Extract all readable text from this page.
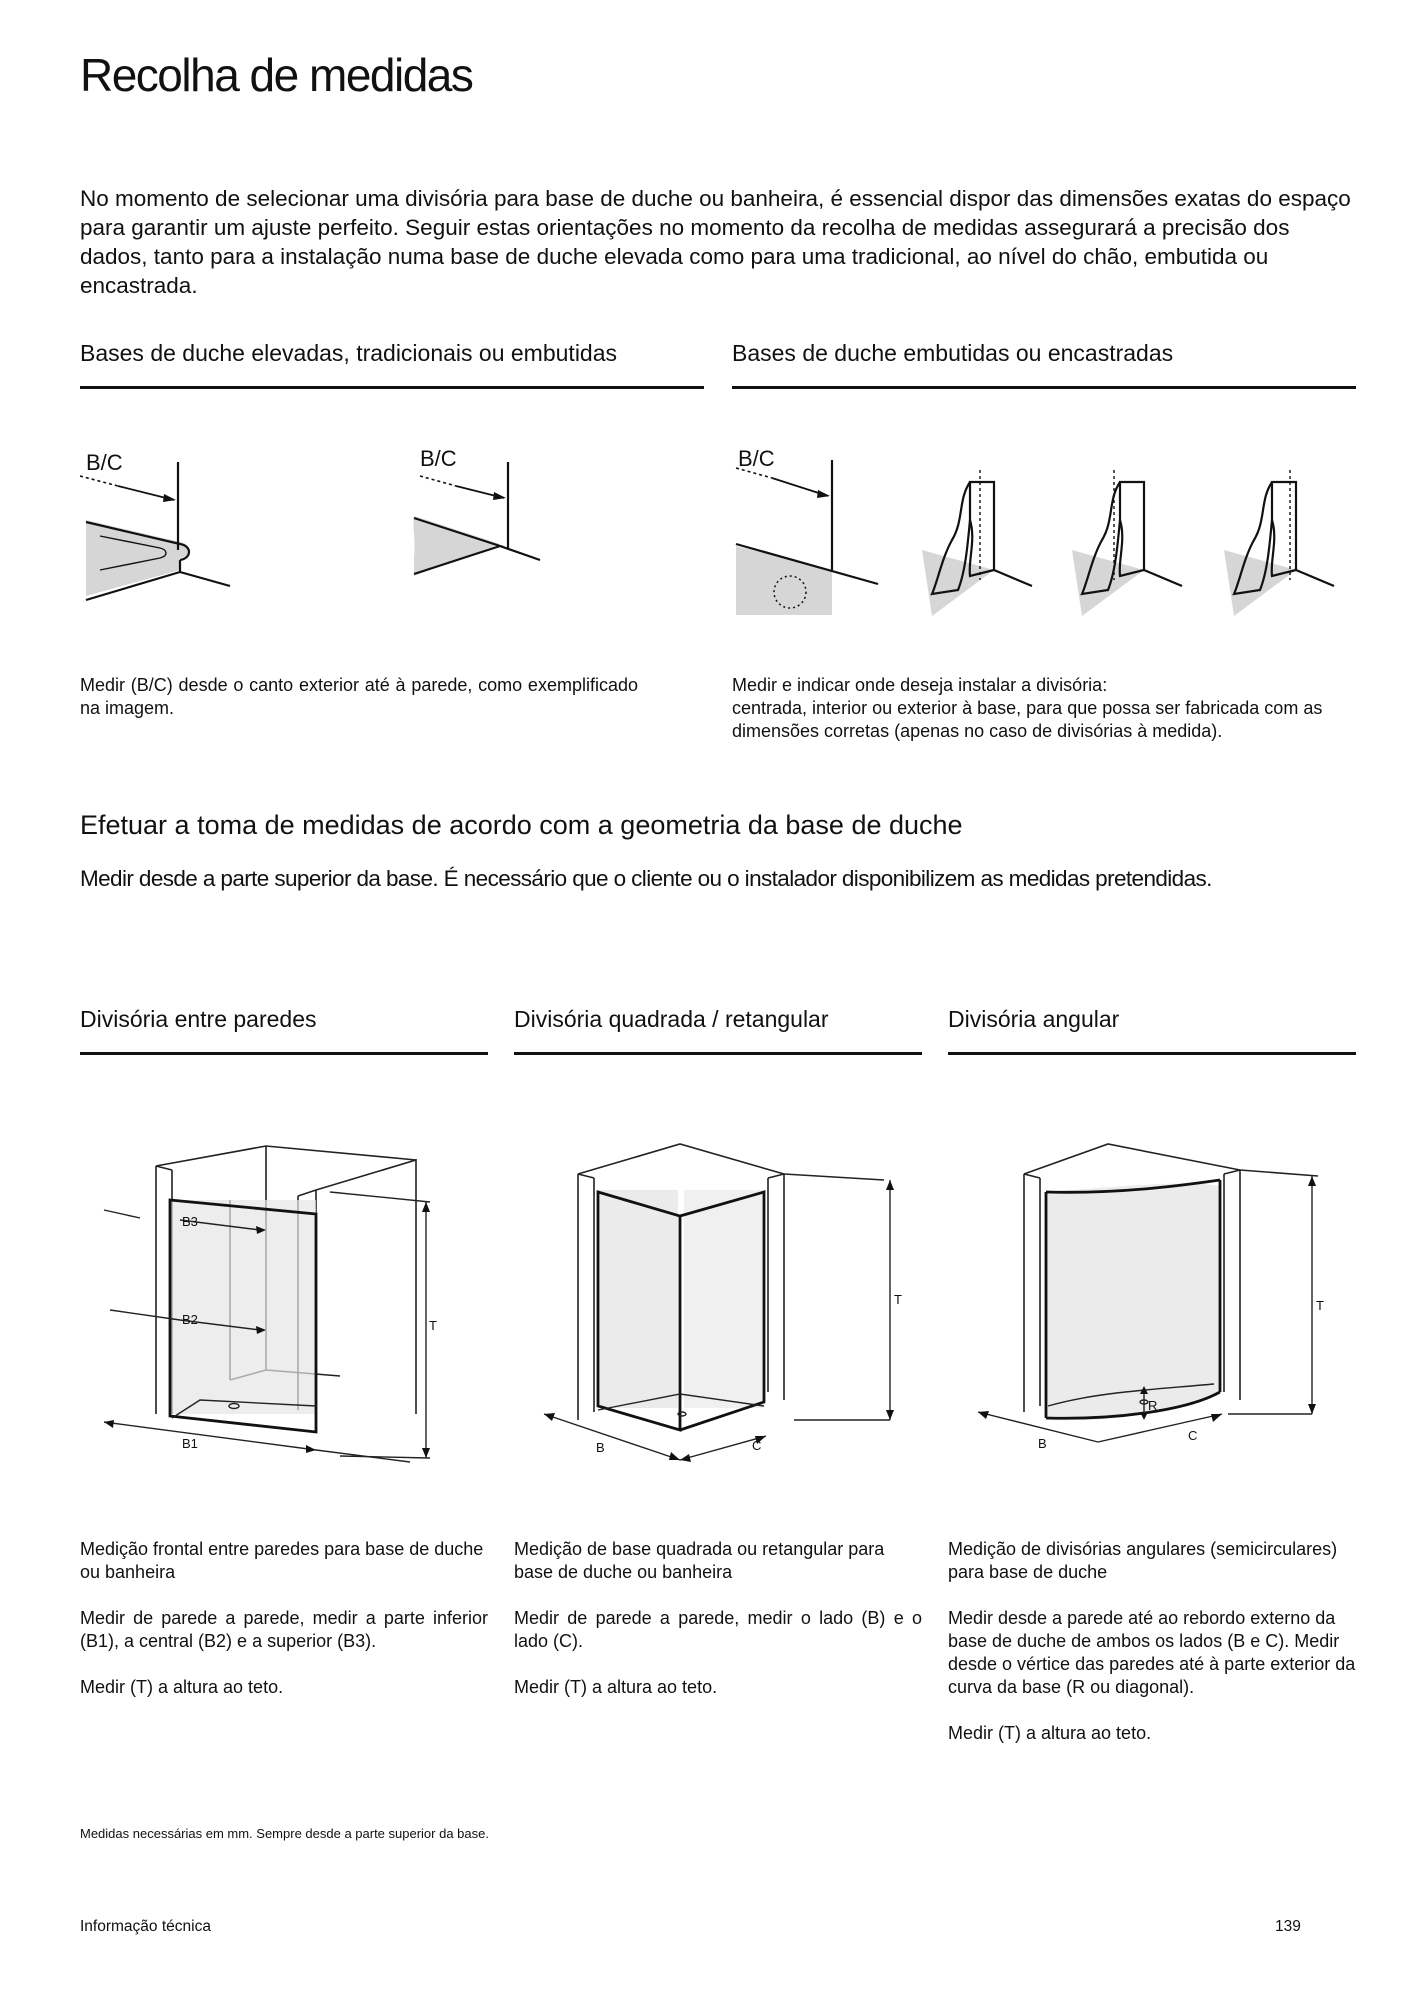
Recolha de medidas
No momento de selecionar uma divisória para base de duche ou banheira, é essencial dispor das dimensões exatas do espaço para garantir um ajuste perfeito. Seguir estas orientações no momento da recolha de medidas assegurará a precisão dos dados, tanto para a instalação numa base de duche elevada como para uma tradicional, ao nível do chão, embutida ou encastrada.
Bases de duche elevadas, tradicionais ou embutidas	Bases de duche embutidas ou encastradas
B/C	B/C	B/C
Medir (B/C) desde o canto exterior até à parede, como exemplificado na imagem.
Medir e indicar onde deseja instalar a divisória:
centrada, interior ou exterior à base, para que possa ser fabricada com as dimensões corretas (apenas no caso de divisórias à medida).
Efetuar a toma de medidas de acordo com a geometria da base de duche
Medir desde a parte superior da base. É necessário que o cliente ou o instalador disponibilizem as medidas pretendidas.
Divisória entre paredes	Divisória quadrada / retangular	Divisória angular
B3
B2
B1
T
B	C
T
B
C
T
R

Medição frontal entre paredes para base de duche ou banheira

Medir de parede a parede, medir a parte inferior (B1), a central (B2) e a superior (B3).

Medir (T) a altura ao teto.

Medição de base quadrada ou retangular para base de duche ou banheira

Medir de parede a parede, medir o lado (B) e o lado (C).

Medir (T) a altura ao teto.

Medição de divisórias angulares (semicirculares) para base de duche

Medir desde a parede até ao rebordo externo da base de duche de ambos os lados (B e C). Medir desde o vértice das paredes até à parte exterior da curva da base (R ou diagonal).

Medir (T) a altura ao teto.

Medidas necessárias em mm. Sempre desde a parte superior da base.
Informação técnica	139
